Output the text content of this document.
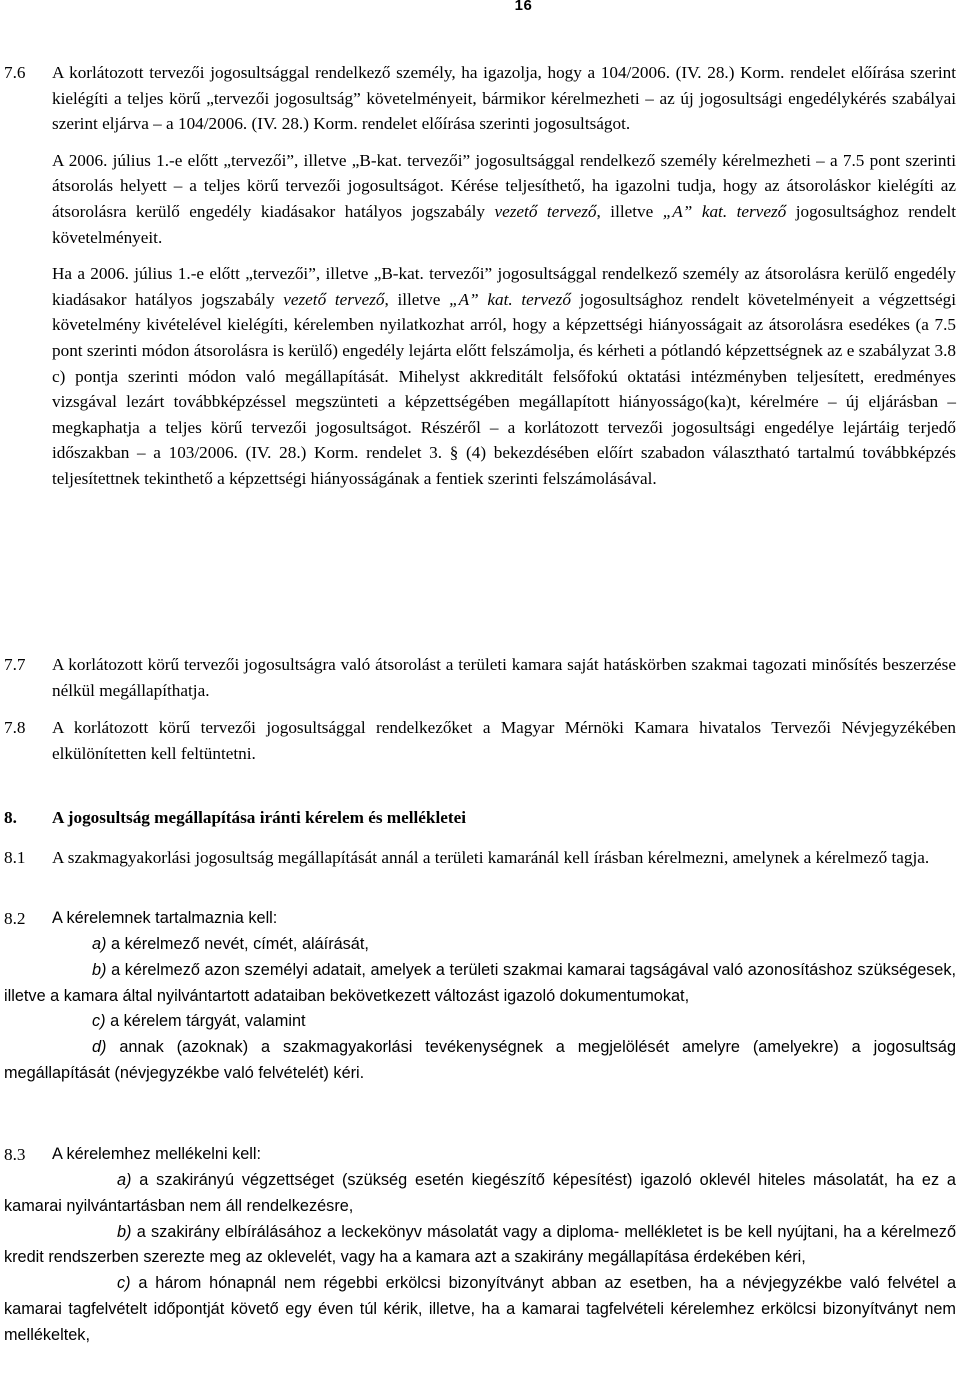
16
7.6 A korlátozott tervezői jogosultsággal rendelkező személy, ha igazolja, hogy a 104/2006. (IV. 28.) Korm. rendelet előírása szerint kielégíti a teljes körű „tervezői jogosultság” követelményeit, bármikor kérelmezheti – az új jogosultsági engedélykérés szabályai szerint eljárva – a 104/2006. (IV. 28.) Korm. rendelet előírása szerinti jogosultságot.

A 2006. július 1.-e előtt „tervezői”, illetve „B-kat. tervezői” jogosultsággal rendelkező személy kérelmezheti – a 7.5 pont szerinti átsorolás helyett – a teljes körű tervezői jogosultságot. Kérése teljesíthető, ha igazolni tudja, hogy az átsoroláskor kielégíti az átsorolásra kerülő engedély kiadásakor hatályos jogszabály vezető tervező, illetve „A” kat. tervező jogosultsághoz rendelt követelményeit.

Ha a 2006. július 1.-e előtt „tervezői”, illetve „B-kat. tervezői” jogosultsággal rendelkező személy az átsorolásra kerülő engedély kiadásakor hatályos jogszabály vezető tervező, illetve „A” kat. tervező jogosultsághoz rendelt követelményeit a végzettségi követelmény kivételével kielégíti, kérelemben nyilatkozhat arról, hogy a képzettségi hiányosságait az átsorolásra esedékes (a 7.5 pont szerinti módon átsorolásra is kerülő) engedély lejárta előtt felszámolja, és kérheti a pótlandó képzettségnek az e szabályzat 3.8 c) pontja szerinti módon való megállapítását. Mihelyst akkreditált felsőfokú oktatási intézményben teljesített, eredményes vizsgával lezárt továbbképzéssel megszünteti a képzettségében megállapított hiányosságo(ka)t, kérelmére – új eljárásban – megkaphatja a teljes körű tervezői jogosultságot. Részéről – a korlátozott tervezői jogosultsági engedélye lejártáig terjedő időszakban – a 103/2006. (IV. 28.) Korm. rendelet 3. § (4) bekezdésében előírt szabadon választható tartalmú továbbképzés teljesítettnek tekinthető a képzettségi hiányosságának a fentiek szerinti felszámolásával.

7.7 A korlátozott körű tervezői jogosultságra való átsorolást a területi kamara saját hatáskörben szakmai tagozati minősítés beszerzése nélkül megállapíthatja.

7.8 A korlátozott körű tervezői jogosultsággal rendelkezőket a Magyar Mérnöki Kamara hivatalos Tervezői Névjegyzékében elkülönítetten kell feltüntetni.

8. A jogosultság megállapítása iránti kérelem és mellékletei
8.1 A szakmagyakorlási jogosultság megállapítását annál a területi kamaránál kell írásban kérelmezni, amelynek a kérelmező tagja.

8.2 A kérelemnek tartalmaznia kell:

a) a kérelmező nevét, címét, aláírását,

b) a kérelmező azon személyi adatait, amelyek a területi szakmai kamarai tagságával való azonosításhoz szükségesek, illetve a kamara által nyilvántartott adataiban bekövetkezett változást igazoló dokumentumokat,

c) a kérelem tárgyát, valamint

d) annak (azoknak) a szakmagyakorlási tevékenységnek a megjelölését amelyre (amelyekre) a jogosultság megállapítását (névjegyzékbe való felvételét) kéri.

8.3 A kérelemhez mellékelni kell:

a) a szakirányú végzettséget (szükség esetén kiegészítő képesítést) igazoló oklevél hiteles másolatát, ha ez a kamarai nyilvántartásban nem áll rendelkezésre,

b) a szakirány elbírálásához a leckekönyv másolatát vagy a diploma- mellékletet is be kell nyújtani, ha a kérelmező kredit rendszerben szerezte meg az oklevelét, vagy ha a kamara azt a szakirány megállapítása érdekében kéri,

c) a három hónapnál nem régebbi erkölcsi bizonyítványt abban az esetben, ha a névjegyzékbe való felvétel a kamarai tagfelvételt időpontját követő egy éven túl kérik, illetve, ha a kamarai tagfelvételi kérelemhez erkölcsi bizonyítványt nem mellékeltek,
